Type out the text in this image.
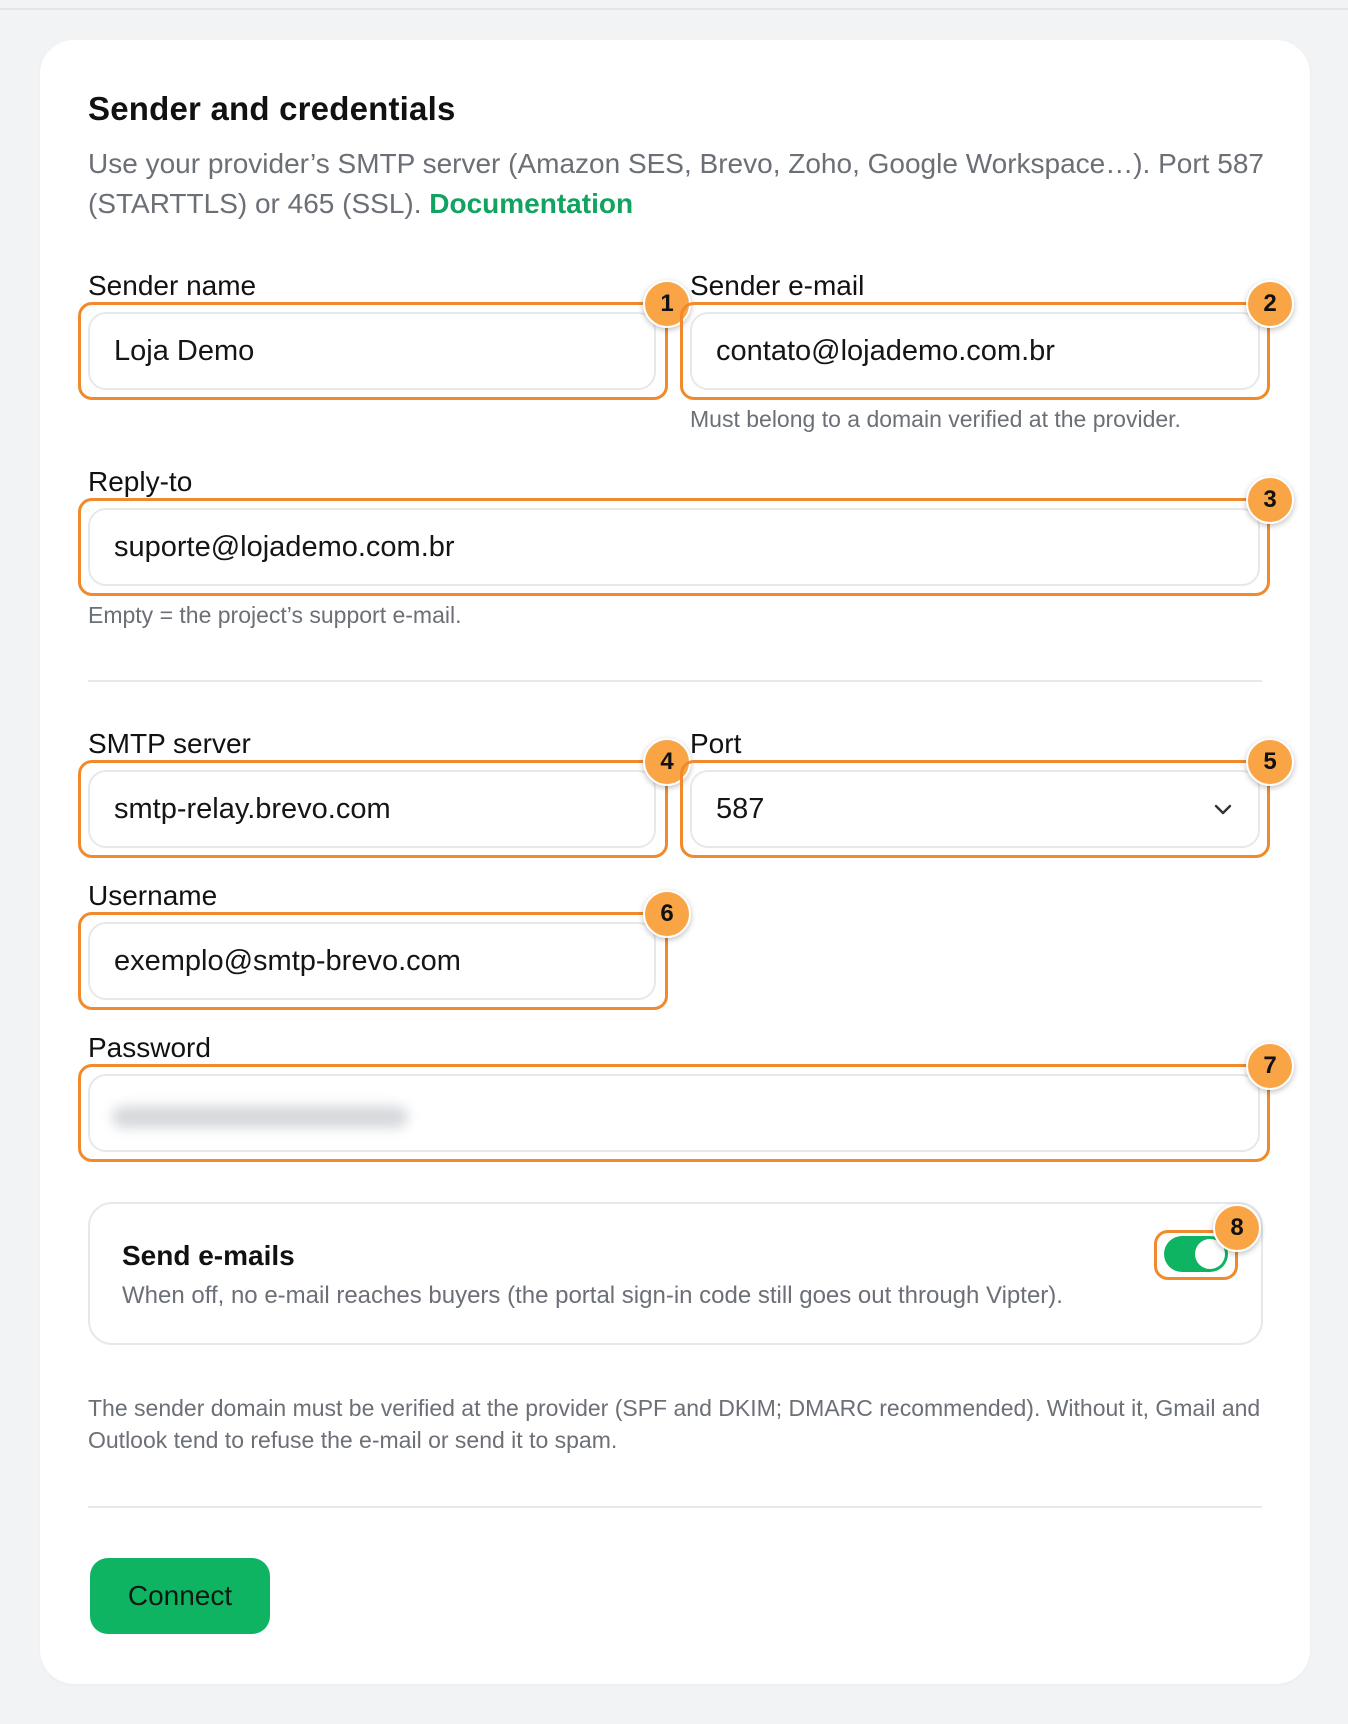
Sender and credentials
Use your provider’s SMTP server (Amazon SES, Brevo, Zoho, Google Workspace…). Port 587 (STARTTLS) or 465 (SSL). Documentation
Sender name
Loja Demo
1
Sender e-mail
contato@lojademo.com.br
2
Must belong to a domain verified at the provider.
Reply-to
suporte@lojademo.com.br
3
Empty = the project’s support e-mail.
SMTP server
smtp-relay.brevo.com
4
Port
587
5
Username
exemplo@smtp-brevo.com
6
Password
7
Send e-mails
When off, no e-mail reaches buyers (the portal sign-in code still goes out through Vipter).
8
The sender domain must be verified at the provider (SPF and DKIM; DMARC recommended). Without it, Gmail and Outlook tend to refuse the e-mail or send it to spam.
Connect
